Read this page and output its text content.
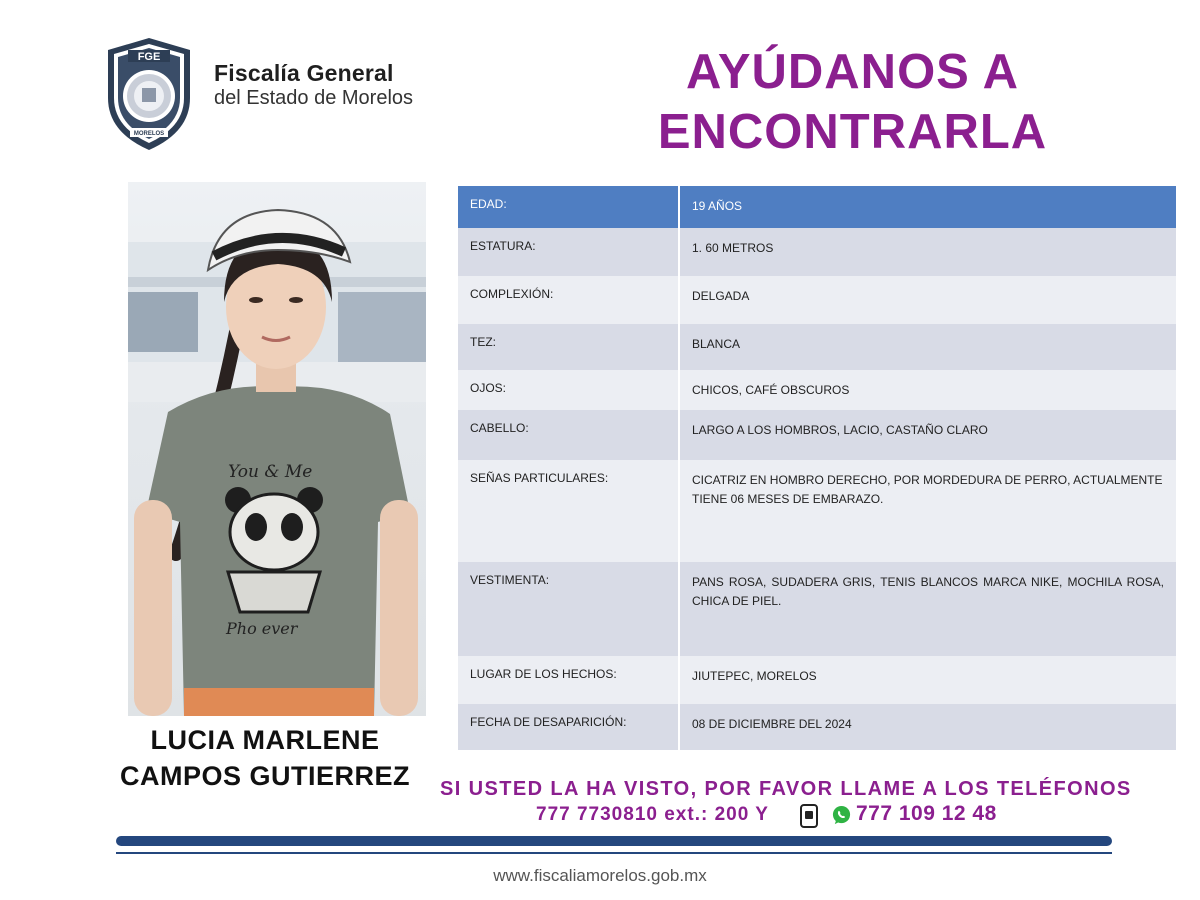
FGE
MORELOS
Fiscalía General
del Estado de Morelos	AYÚDANOS A
ENCONTRARLA
You & Me
Pho ever
LUCIA MARLENE
CAMPOS GUTIERREZ
EDAD:	19 AÑOS
ESTATURA:	1. 60 METROS
COMPLEXIÓN:	DELGADA
TEZ:	BLANCA
OJOS:	CHICOS, CAFÉ OBSCUROS
CABELLO:	LARGO A LOS HOMBROS, LACIO, CASTAÑO CLARO
SEÑAS PARTICULARES:	CICATRIZ EN HOMBRO DERECHO, POR MORDEDURA DE PERRO, ACTUALMENTE TIENE 06 MESES DE EMBARAZO.
VESTIMENTA:	PANS ROSA, SUDADERA GRIS, TENIS BLANCOS MARCA NIKE, MOCHILA ROSA, CHICA DE PIEL.
LUGAR DE LOS HECHOS:	JIUTEPEC, MORELOS
FECHA DE DESAPARICIÓN:	08 DE DICIEMBRE DEL 2024
SI USTED LA HA VISTO, POR FAVOR LLAME A LOS TELÉFONOS
777 7730810 ext.: 200 Y	777 109 12 48
www.fiscaliamorelos.gob.mx
